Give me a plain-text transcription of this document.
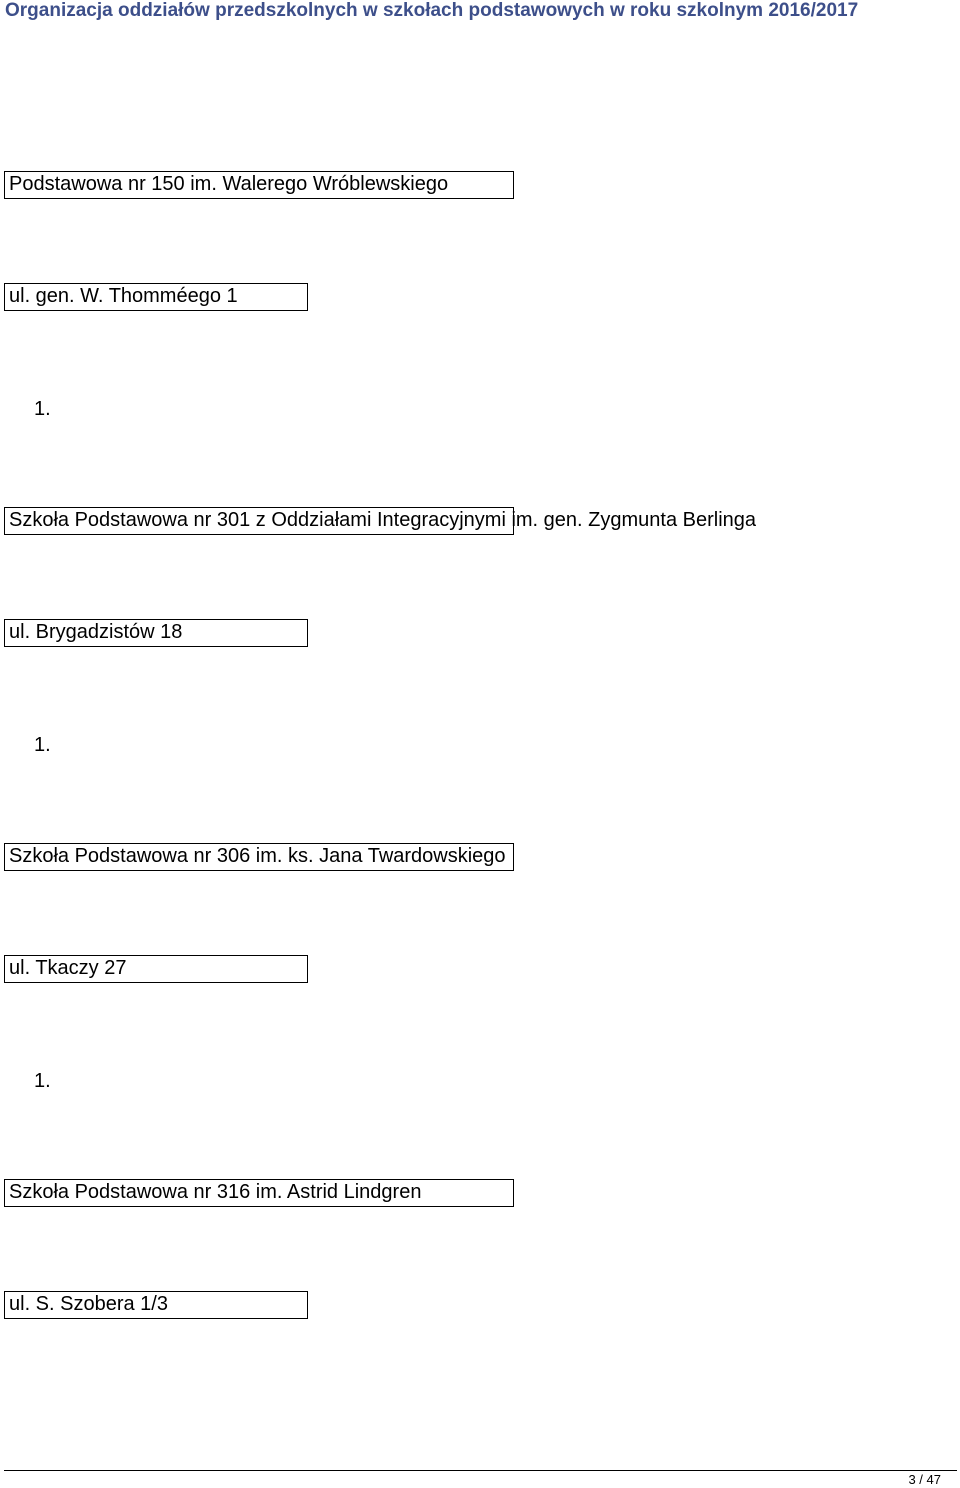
Organizacja oddziałów przedszkolnych w szkołach podstawowych w roku szkolnym 2016/2017
Podstawowa nr 150 im. Walerego Wróblewskiego
ul. gen. W. Thomméego 1
1.
Szkoła Podstawowa nr 301 z Oddziałami Integracyjnymi im. gen. Zygmunta Berlinga
ul. Brygadzistów 18
1.
Szkoła Podstawowa nr 306 im. ks. Jana Twardowskiego
ul. Tkaczy 27
1.
Szkoła Podstawowa nr 316 im. Astrid Lindgren
ul. S. Szobera 1/3
3 / 47
